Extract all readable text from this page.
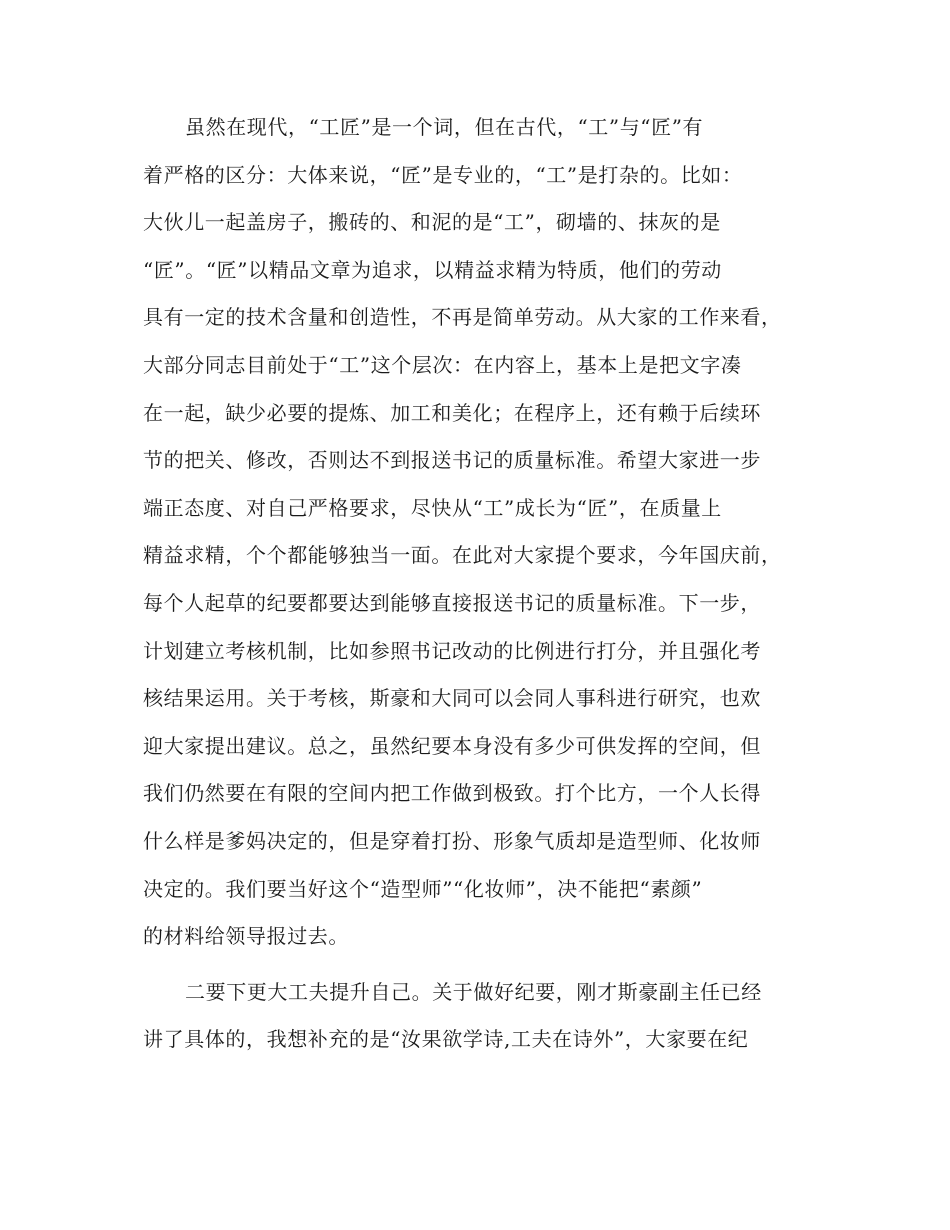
虽然在现代，“工匠”是一个词，但在古代，“工”与“匠”有
着严格的区分：大体来说，“匠”是专业的，“工”是打杂的。比如：
大伙儿一起盖房子，搬砖的、和泥的是“工”，砌墙的、抹灰的是
“匠”。“匠”以精品文章为追求，以精益求精为特质，他们的劳动
具有一定的技术含量和创造性，不再是简单劳动。从大家的工作来看，
大部分同志目前处于“工”这个层次：在内容上，基本上是把文字凑
在一起，缺少必要的提炼、加工和美化；在程序上，还有赖于后续环
节的把关、修改，否则达不到报送书记的质量标准。希望大家进一步
端正态度、对自己严格要求，尽快从“工”成长为“匠”，在质量上
精益求精，个个都能够独当一面。在此对大家提个要求，今年国庆前，
每个人起草的纪要都要达到能够直接报送书记的质量标准。下一步，
计划建立考核机制，比如参照书记改动的比例进行打分，并且强化考
核结果运用。关于考核，斯豪和大同可以会同人事科进行研究，也欢
迎大家提出建议。总之，虽然纪要本身没有多少可供发挥的空间，但
我们仍然要在有限的空间内把工作做到极致。打个比方，一个人长得
什么样是爹妈决定的，但是穿着打扮、形象气质却是造型师、化妆师
决定的。我们要当好这个“造型师”“化妆师”，决不能把“素颜”
的材料给领导报过去。
二要下更大工夫提升自己。关于做好纪要，刚才斯豪副主任已经
讲了具体的，我想补充的是“汝果欲学诗,工夫在诗外”，大家要在纪
